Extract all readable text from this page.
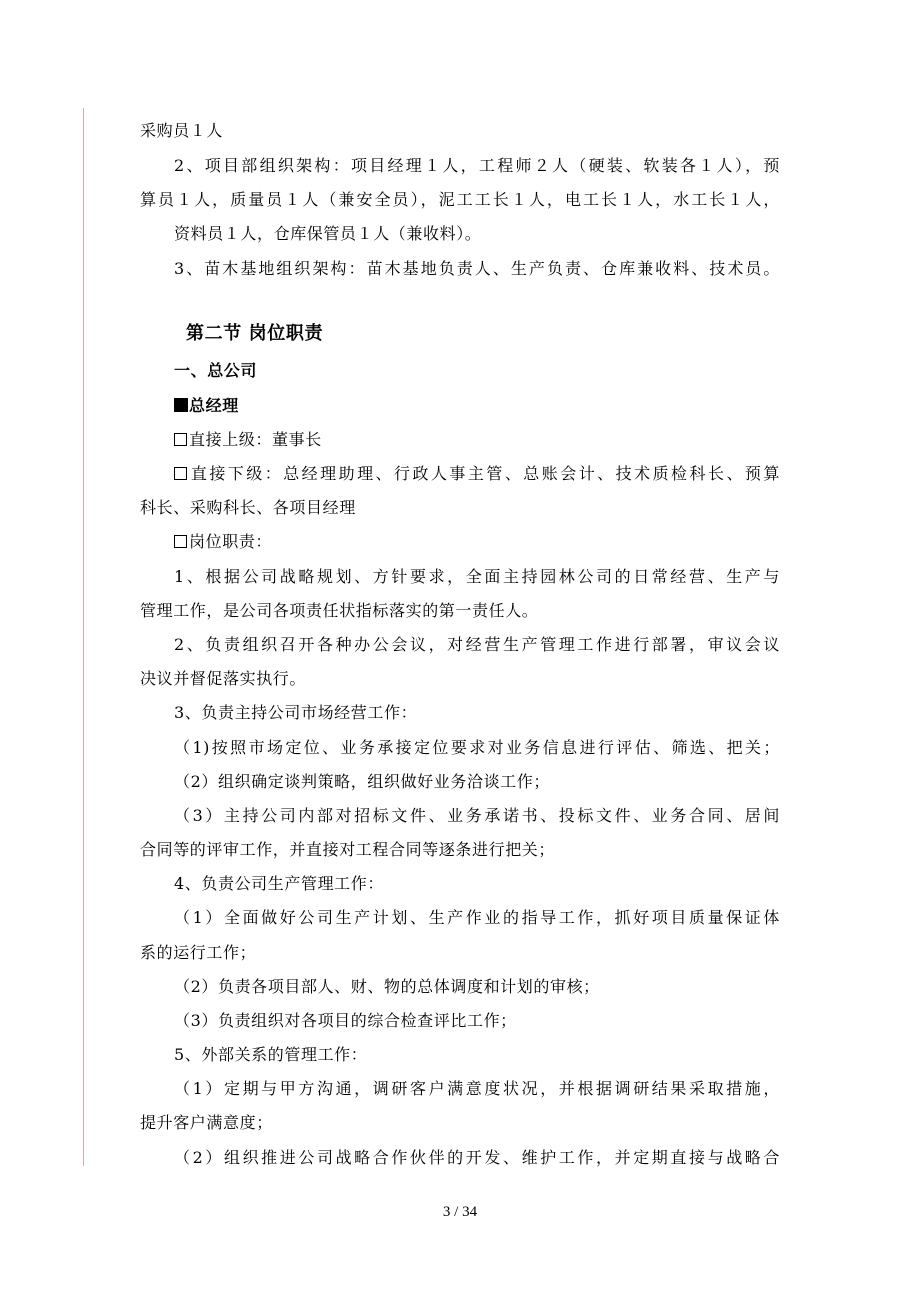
采购员１人
2、项目部组织架构：项目经理１人，工程师２人（硬装、软装各１人），预
算员１人，质量员１人（兼安全员），泥工工长１人，电工长１人，水工长１人，
资料员１人，仓库保管员１人（兼收料）。
3、苗木基地组织架构：苗木基地负责人、生产负责、仓库兼收料、技术员。
第二节 岗位职责
一、总公司
总经理
直接上级：董事长
直接下级：总经理助理、行政人事主管、总账会计、技术质检科长、预算
科长、采购科长、各项目经理
岗位职责：
1、根据公司战略规划、方针要求，全面主持园林公司的日常经营、生产与
管理工作，是公司各项责任状指标落实的第一责任人。
2、负责组织召开各种办公会议，对经营生产管理工作进行部署，审议会议
决议并督促落实执行。
3、负责主持公司市场经营工作：
（1)按照市场定位、业务承接定位要求对业务信息进行评估、筛选、把关；
（2）组织确定谈判策略，组织做好业务洽谈工作；
（3）主持公司内部对招标文件、业务承诺书、投标文件、业务合同、居间
合同等的评审工作，并直接对工程合同等逐条进行把关；
4、负责公司生产管理工作：
（1）全面做好公司生产计划、生产作业的指导工作，抓好项目质量保证体
系的运行工作；
（2）负责各项目部人、财、物的总体调度和计划的审核；
（3）负责组织对各项目的综合检查评比工作；
5、外部关系的管理工作：
（1）定期与甲方沟通，调研客户满意度状况，并根据调研结果采取措施，
提升客户满意度；
（2）组织推进公司战略合作伙伴的开发、维护工作，并定期直接与战略合
3 / 34
